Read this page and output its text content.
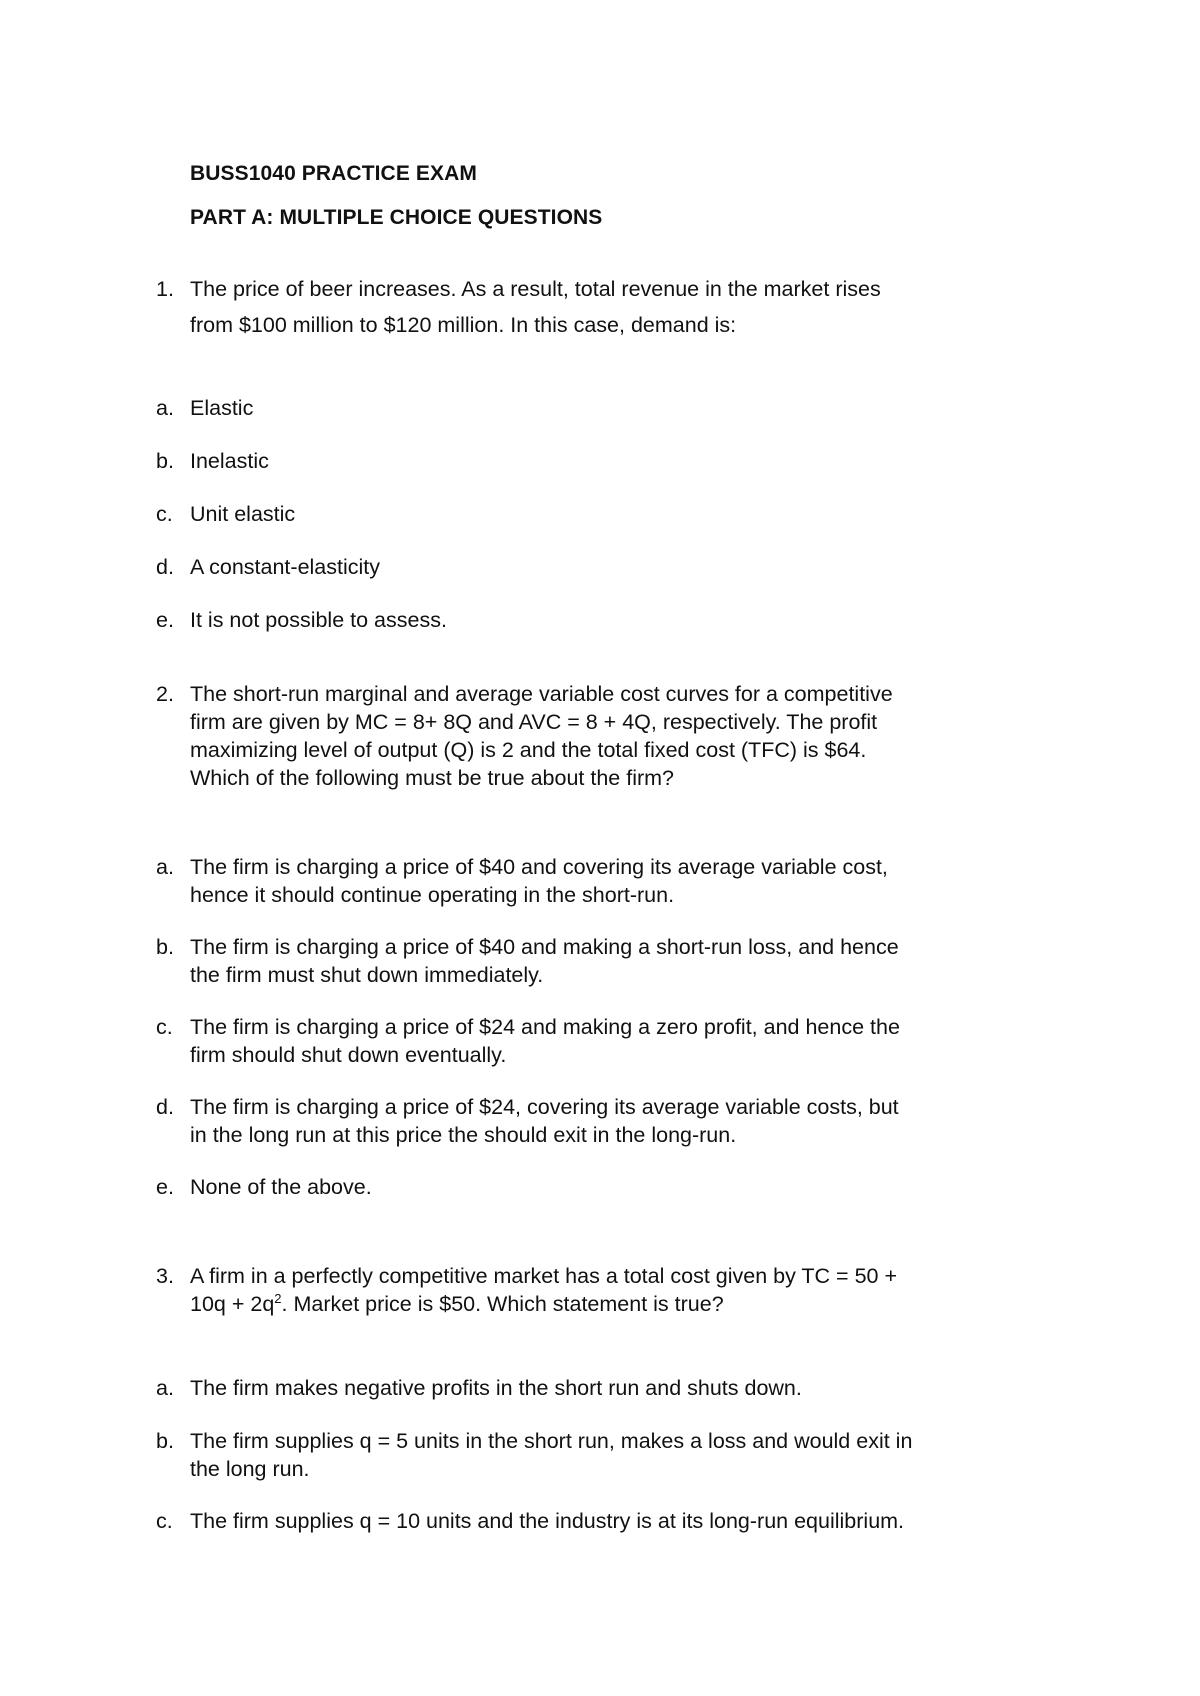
BUSS1040 PRACTICE EXAM
PART A: MULTIPLE CHOICE QUESTIONS
1. The price of beer increases. As a result, total revenue in the market rises
from $100 million to $120 million. In this case, demand is:
a. Elastic
b. Inelastic
c. Unit elastic
d. A constant-elasticity
e. It is not possible to assess.
2. The short-run marginal and average variable cost curves for a competitive
firm are given by MC = 8+ 8Q and AVC = 8 + 4Q, respectively. The profit
maximizing level of output (Q) is 2 and the total fixed cost (TFC) is $64.
Which of the following must be true about the firm?
a. The firm is charging a price of $40 and covering its average variable cost,
hence it should continue operating in the short-run.
b. The firm is charging a price of $40 and making a short-run loss, and hence
the firm must shut down immediately.
c. The firm is charging a price of $24 and making a zero profit, and hence the
firm should shut down eventually.
d. The firm is charging a price of $24, covering its average variable costs, but
in the long run at this price the should exit in the long-run.
e. None of the above.
3. A firm in a perfectly competitive market has a total cost given by TC = 50 +
$10q + 2q^2$. Market price is $50. Which statement is true?
a. The firm makes negative profits in the short run and shuts down.
b. The firm supplies q = 5 units in the short run, makes a loss and would exit in
the long run.
c. The firm supplies q = 10 units and the industry is at its long-run equilibrium.
